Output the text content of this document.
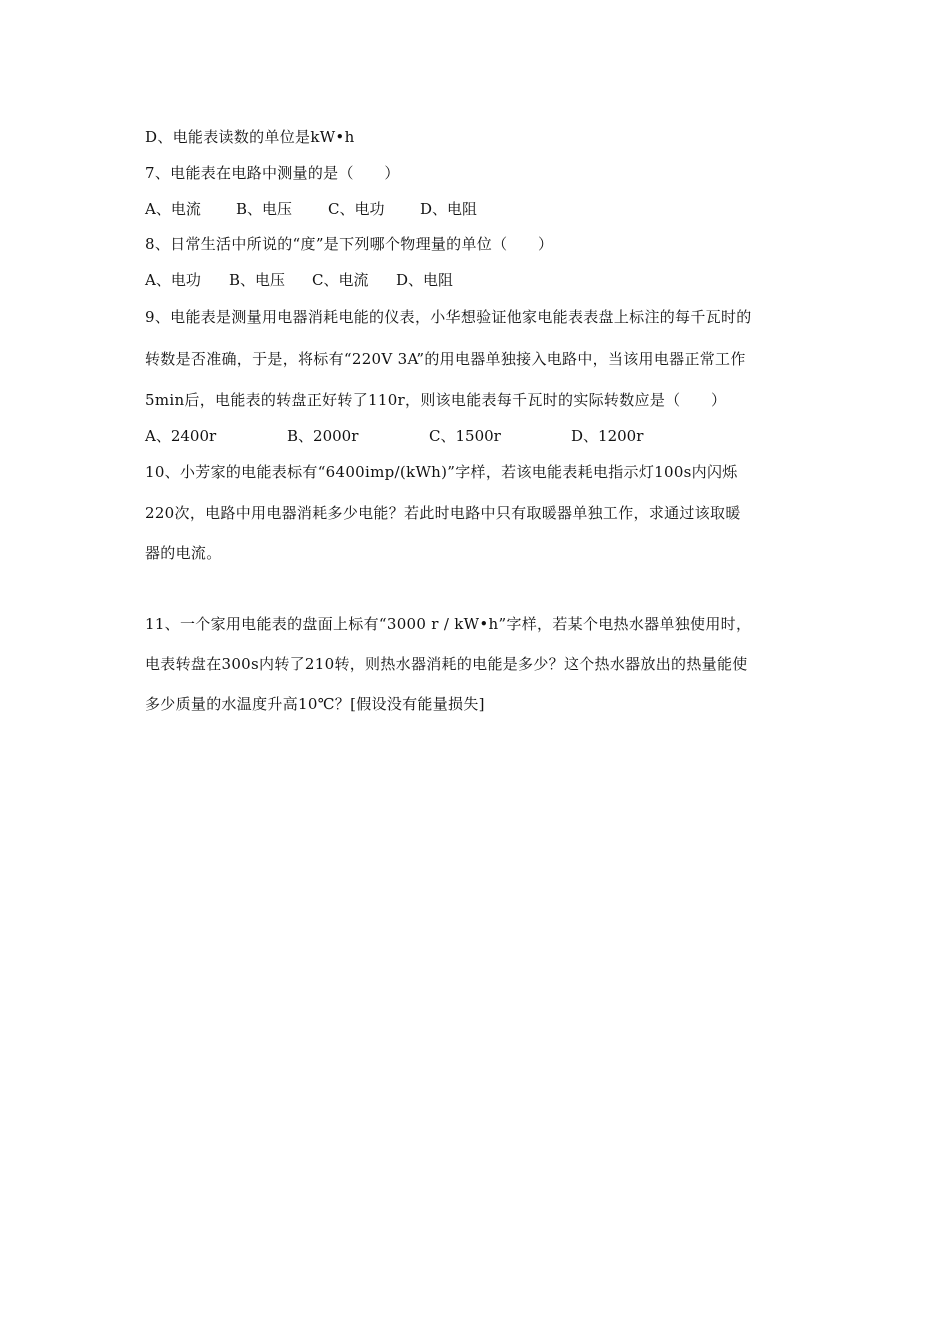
D、电能表读数的单位是kW•h
7、电能表在电路中测量的是（　　）

A、电流

B、电压

C、电功

D、电阻

8、日常生活中所说的“度”是下列哪个物理量的单位（　　）

A、电功

B、电压

C、电流

D、电阻

9、电能表是测量用电器消耗电能的仪表，小华想验证他家电能表表盘上标注的每千瓦时的
转数是否准确，于是，将标有“220V 3A”的用电器单独接入电路中，当该用电器正常工作
5min后，电能表的转盘正好转了110r，则该电能表每千瓦时的实际转数应是（　　）

A、2400r

	B、2000r

	C、1500r

	D、1200r

10、小芳家的电能表标有“6400imp/(kWh)”字样，若该电能表耗电指示灯100s内闪烁
220次，电路中用电器消耗多少电能？若此时电路中只有取暖器单独工作，求通过该取暖
器的电流。
11、一个家用电能表的盘面上标有“3000 r / kW•h”字样，若某个电热水器单独使用时，
电表转盘在300s内转了210转，则热水器消耗的电能是多少？这个热水器放出的热量能使
多少质量的水温度升高10℃？[假设没有能量损失]
